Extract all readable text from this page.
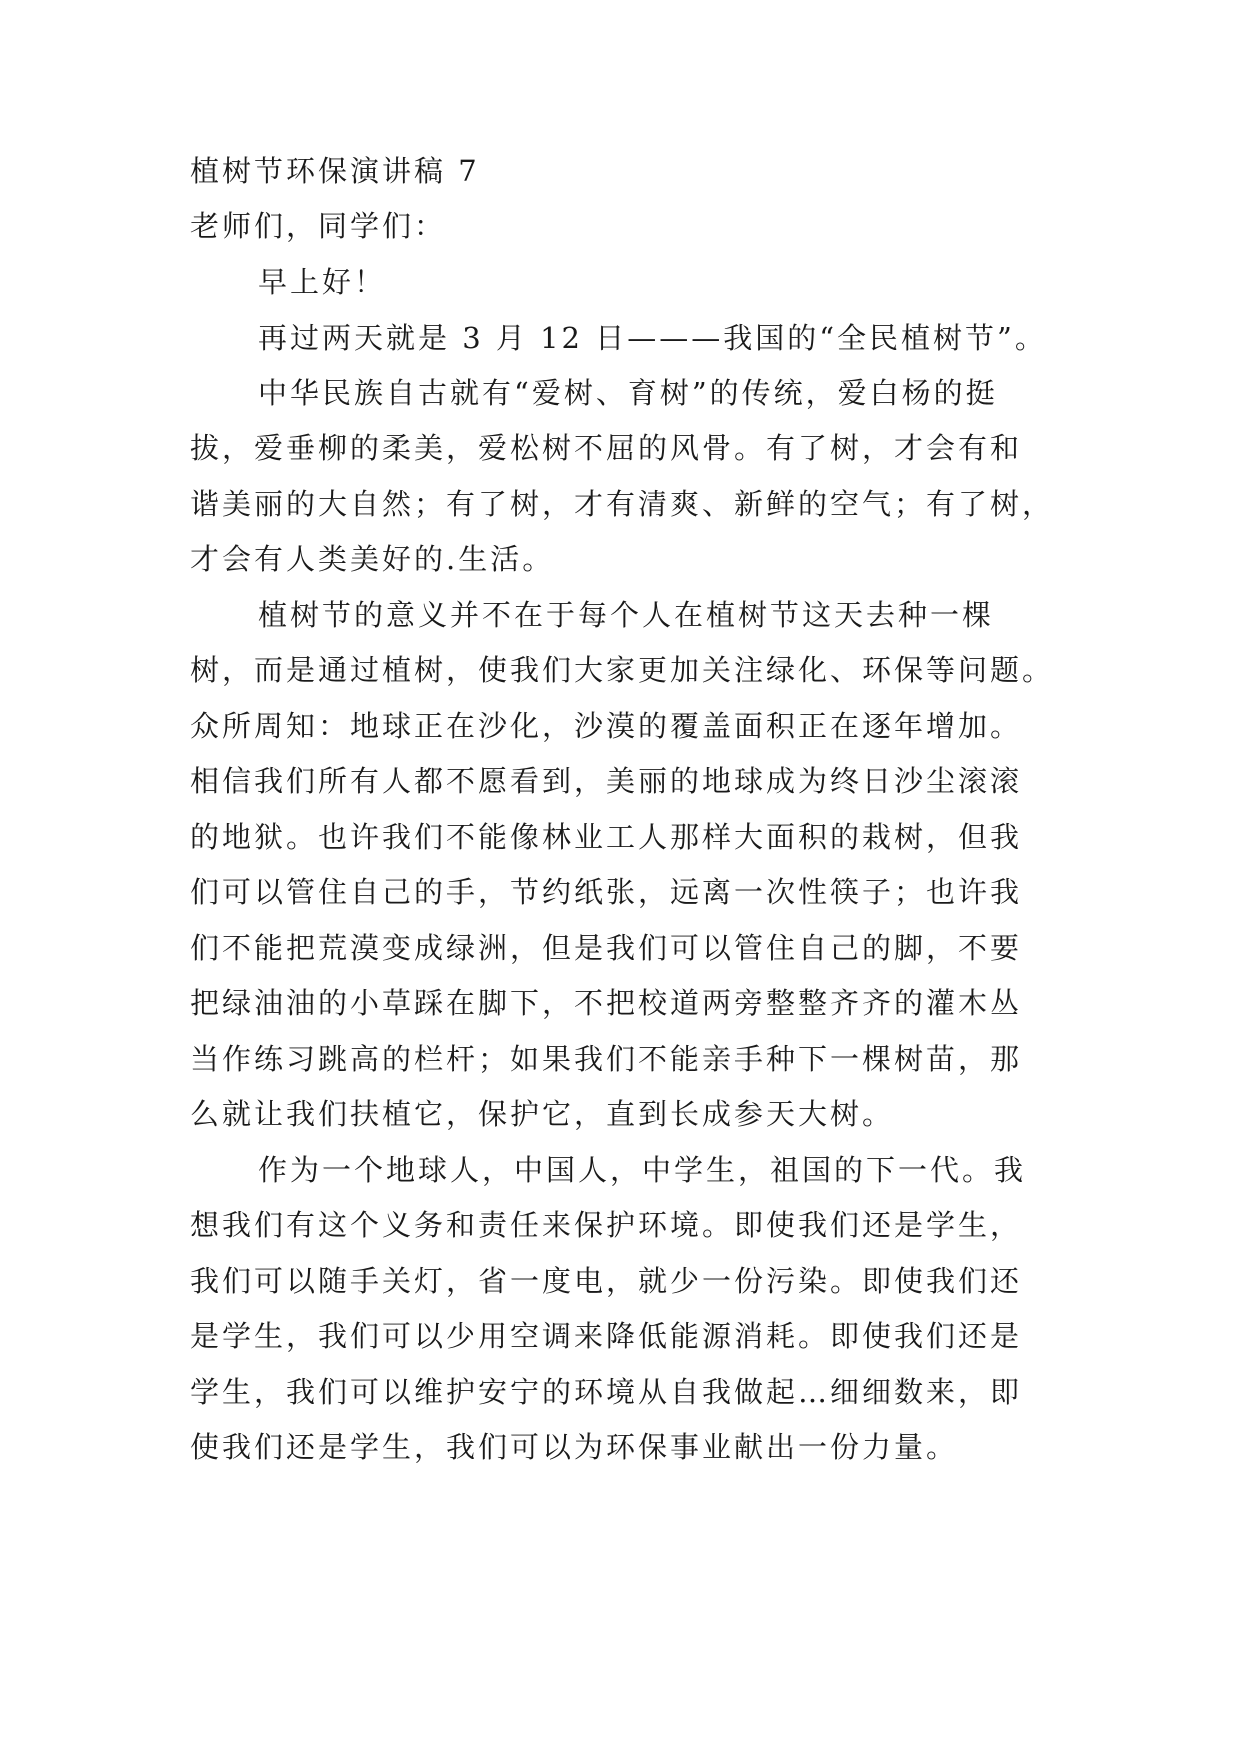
植树节环保演讲稿 7
老师们，同学们：
早上好！
再过两天就是 3 月 12 日———我国的“全民植树节”。
中华民族自古就有“爱树、育树”的传统，爱白杨的挺
拔，爱垂柳的柔美，爱松树不屈的风骨。有了树，才会有和
谐美丽的大自然；有了树，才有清爽、新鲜的空气；有了树，
才会有人类美好的.生活。
植树节的意义并不在于每个人在植树节这天去种一棵
树，而是通过植树，使我们大家更加关注绿化、环保等问题。
众所周知：地球正在沙化，沙漠的覆盖面积正在逐年增加。
相信我们所有人都不愿看到，美丽的地球成为终日沙尘滚滚
的地狱。也许我们不能像林业工人那样大面积的栽树，但我
们可以管住自己的手，节约纸张，远离一次性筷子；也许我
们不能把荒漠变成绿洲，但是我们可以管住自己的脚，不要
把绿油油的小草踩在脚下，不把校道两旁整整齐齐的灌木丛
当作练习跳高的栏杆；如果我们不能亲手种下一棵树苗，那
么就让我们扶植它，保护它，直到长成参天大树。
作为一个地球人，中国人，中学生，祖国的下一代。我
想我们有这个义务和责任来保护环境。即使我们还是学生，
我们可以随手关灯，省一度电，就少一份污染。即使我们还
是学生，我们可以少用空调来降低能源消耗。即使我们还是
学生，我们可以维护安宁的环境从自我做起…细细数来，即
使我们还是学生，我们可以为环保事业献出一份力量。
